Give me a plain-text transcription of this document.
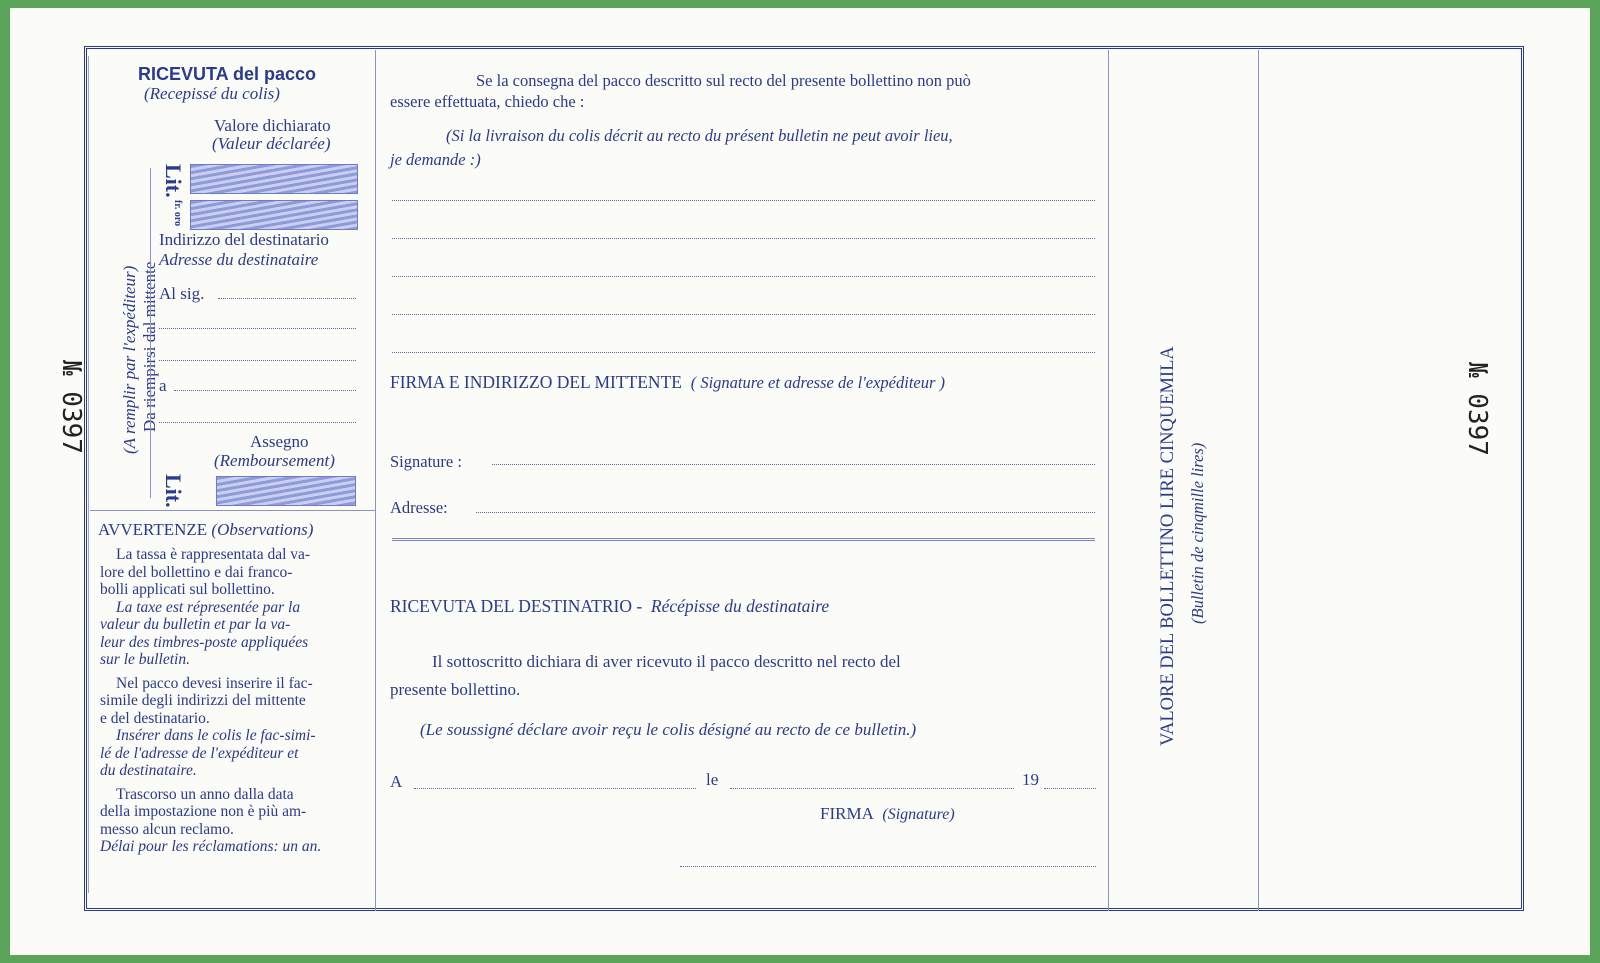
№ 0397	№ 0397
RICEVUTA del pacco
(Recepissé du colis)
Valore dichiarato
(Valeur déclarée)
Lit.
fr. oro
Da riempirsi dal mittente
(A remplir par l'expéditeur)
Indirizzo del destinatario
Adresse du destinataire
Al sig.
a
Assegno
(Remboursement)
Lit.
AVVERTENZE (Observations)

La tassa è rappresentata dal va-

lore del bollettino e dai franco-

bolli applicati sul bollettino.

La taxe est répresentée par la

valeur du bulletin et par la va-

leur des timbres-poste appliquées

sur le bulletin.

Nel pacco devesi inserire il fac-

simile degli indirizzi del mittente

e del destinatario.

Insérer dans le colis le fac-simi-

lé de l'adresse de l'expéditeur et

du destinataire.

Trascorso un anno dalla data

della impostazione non è più am-

messo alcun reclamo.

Délai pour les réclamations: un an.

Se la consegna del pacco descritto sul recto del presente bollettino non può

essere effettuata, chiedo che :
(Si la livraison du colis décrit au recto du présent bulletin ne peut avoir lieu,
je demande :)
FIRMA E INDIRIZZO DEL MITTENTE ( Signature et adresse de l'expéditeur )
Signature :
Adresse:
RICEVUTA DEL DESTINATRIO - Récépisse du destinataire
Il sottoscritto dichiara di aver ricevuto il pacco descritto nel recto del
presente bollettino.
(Le soussigné déclare avoir reçu le colis désigné au recto de ce bulletin.)
A	le	19
FIRMA (Signature)
VALORE DEL BOLLETTINO LIRE CINQUEMILA (Bulletin de cinqmille lires)
